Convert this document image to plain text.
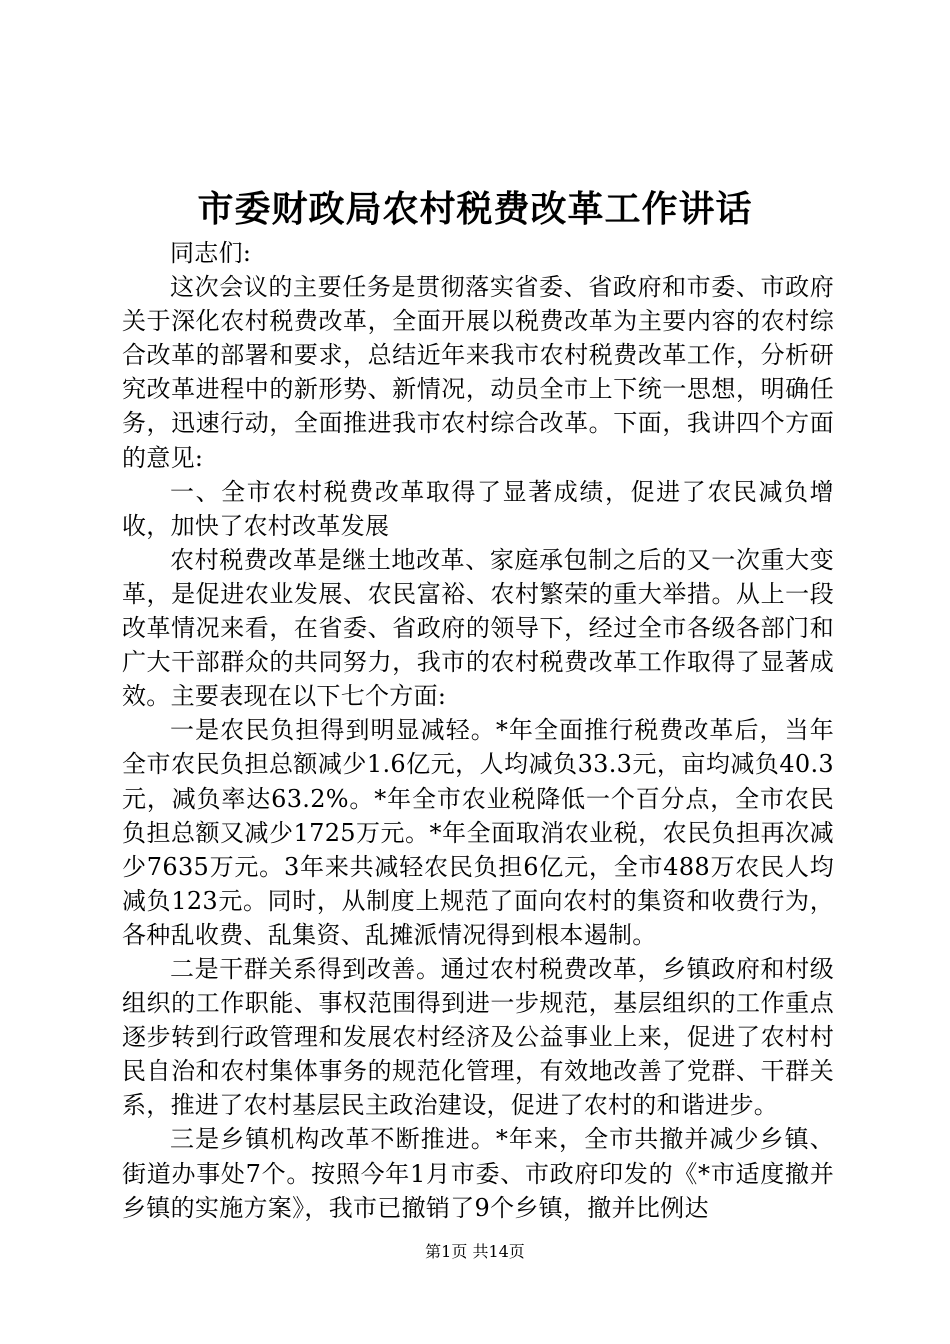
市委财政局农村税费改革工作讲话

同志们:

这次会议的主要任务是贯彻落实省委、省政府和市委、市政府关于深化农村税费改革，全面开展以税费改革为主要内容的农村综合改革的部署和要求，总结近年来我市农村税费改革工作，分析研究改革进程中的新形势、新情况，动员全市上下统一思想，明确任务，迅速行动，全面推进我市农村综合改革。下面，我讲四个方面的意见:

一、全市农村税费改革取得了显著成绩，促进了农民减负增收，加快了农村改革发展

农村税费改革是继土地改革、家庭承包制之后的又一次重大变革，是促进农业发展、农民富裕、农村繁荣的重大举措。从上一段改革情况来看，在省委、省政府的领导下，经过全市各级各部门和广大干部群众的共同努力，我市的农村税费改革工作取得了显著成效。主要表现在以下七个方面:

一是农民负担得到明显减轻。*年全面推行税费改革后，当年全市农民负担总额减少1.6亿元，人均减负33.3元，亩均减负40.3元，减负率达63.2%。*年全市农业税降低一个百分点，全市农民负担总额又减少1725万元。*年全面取消农业税，农民负担再次减少7635万元。3年来共减轻农民负担6亿元，全市488万农民人均减负123元。同时，从制度上规范了面向农村的集资和收费行为，各种乱收费、乱集资、乱摊派情况得到根本遏制。

二是干群关系得到改善。通过农村税费改革，乡镇政府和村级组织的工作职能、事权范围得到进一步规范，基层组织的工作重点逐步转到行政管理和发展农村经济及公益事业上来，促进了农村村民自治和农村集体事务的规范化管理，有效地改善了党群、干群关系，推进了农村基层民主政治建设，促进了农村的和谐进步。

三是乡镇机构改革不断推进。*年来，全市共撤并减少乡镇、街道办事处7个。按照今年1月市委、市政府印发的《*市适度撤并乡镇的实施方案》，我市已撤销了9个乡镇，撤并比例达

第1页 共14页
